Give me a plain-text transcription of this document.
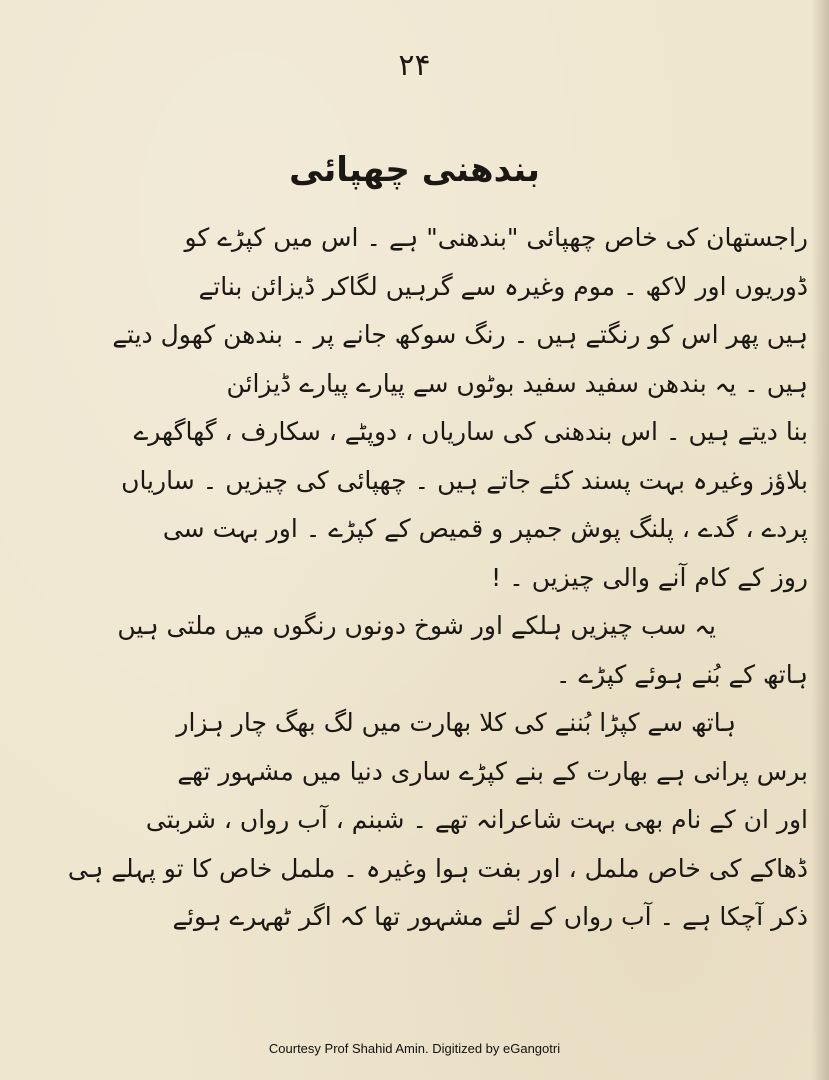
۲۴
بندھنی چھپائی
راجستھان کی خاص چھپائی "بندھنی" ہے ۔ اس میں کپڑے کو
ڈوریوں اور لاکھ ۔ موم وغیرہ سے گرہیں لگاکر ڈیزائن بناتے
ہیں پھر اس کو رنگتے ہیں ۔ رنگ سوکھ جانے پر ۔ بندھن کھول دیتے
ہیں ۔ یہ بندھن سفید سفید بوٹوں سے پیارے پیارے ڈیزائن
بنا دیتے ہیں ۔ اس بندھنی کی ساریاں ، دوپٹے ، سکارف ، گھاگھرے
بلاؤز وغیرہ بہت پسند کئے جاتے ہیں ۔ چھپائی کی چیزیں ۔ ساریاں
پردے ، گدے ، پلنگ پوش جمپر و قمیص کے کپڑے ۔ اور بہت سی
روز کے کام آنے والی چیزیں ۔ !
یہ سب چیزیں ہلکے اور شوخ دونوں رنگوں میں ملتی ہیں
ہاتھ کے بُنے ہوئے کپڑے ۔
ہاتھ سے کپڑا بُننے کی کلا بھارت میں لگ بھگ چار ہزار
برس پرانی ہے بھارت کے بنے کپڑے ساری دنیا میں مشہور تھے
اور ان کے نام بھی بہت شاعرانہ تھے ۔ شبنم ، آب رواں ، شربتی
ڈھاکے کی خاص ململ ، اور بفت ہوا وغیرہ ۔ ململ خاص کا تو پہلے ہی
ذکر آچکا ہے ۔ آب رواں کے لئے مشہور تھا کہ اگر ٹھہرے ہوئے
Courtesy Prof Shahid Amin. Digitized by eGangotri
